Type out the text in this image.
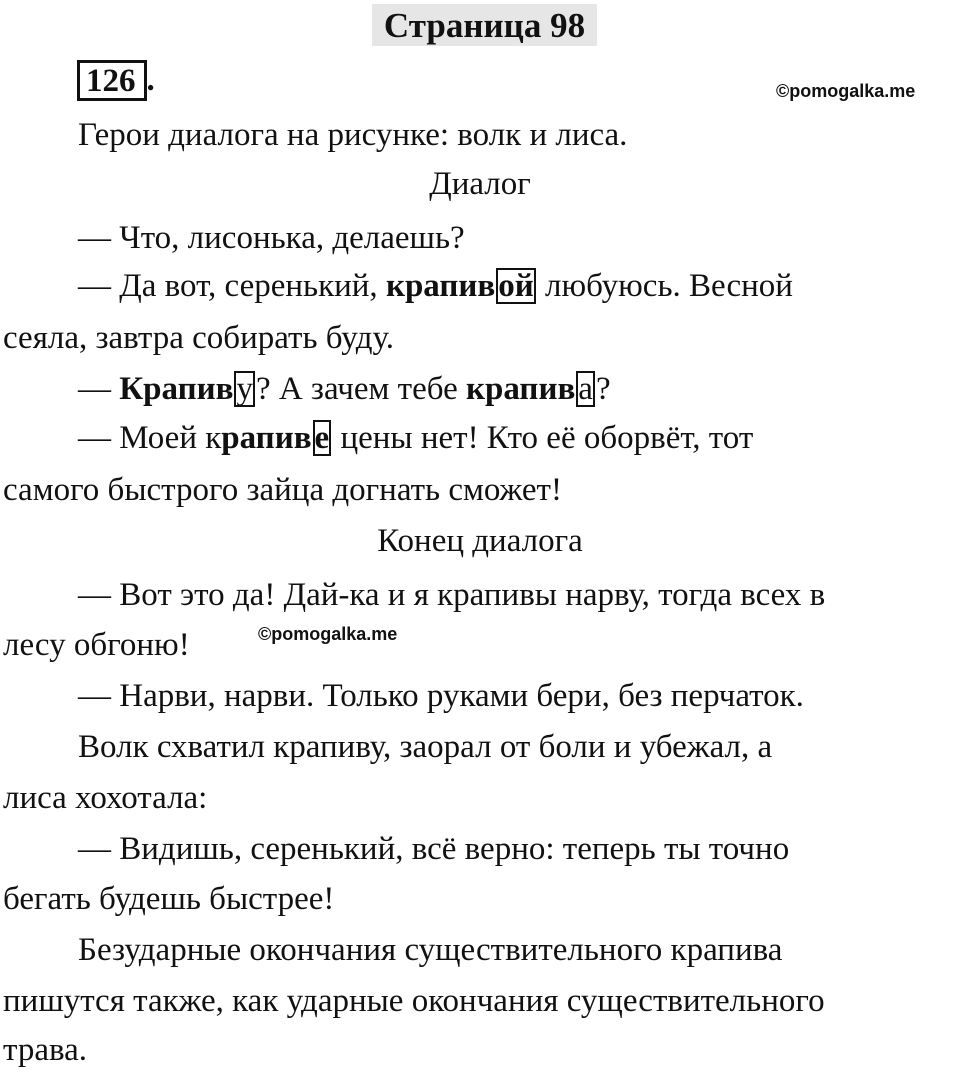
Страница 98
126 .	©pomogalka.me
©pomogalka.me
Герои диалога на рисунке: волк и лиса.
Диалог
— Что, лисонька, делаешь?
— Да вот, серенький, крапивой любуюсь. Весной
сеяла, завтра собирать буду.
— Крапиву? А зачем тебе крапива?
— Моей крапиве цены нет! Кто её оборвёт, тот
самого быстрого зайца догнать сможет!
Конец диалога
— Вот это да! Дай-ка и я крапивы нарву, тогда всех в
лесу обгоню!
— Нарви, нарви. Только руками бери, без перчаток.
Волк схватил крапиву, заорал от боли и убежал, а
лиса хохотала:
— Видишь, серенький, всё верно: теперь ты точно
бегать будешь быстрее!
Безударные окончания существительного крапива
пишутся также, как ударные окончания существительного
трава.
